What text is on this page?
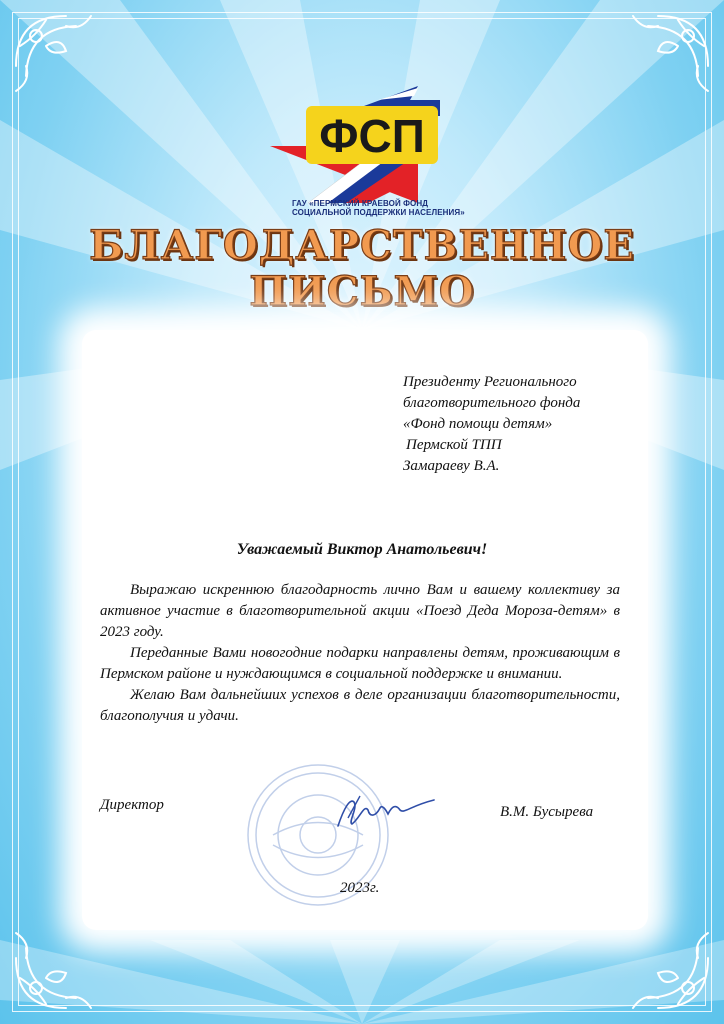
ФСП
ГАУ «ПЕРМСКИЙ КРАЕВОЙ ФОНД
СОЦИАЛЬНОЙ ПОДДЕРЖКИ НАСЕЛЕНИЯ»
БЛАГОДАРСТВЕННОЕ
ПИСЬМО
Президенту Регионального
благотворительного фонда
«Фонд помощи детям»
Пермской ТПП
Замараеву В.А.
Уважаемый Виктор Анатольевич!

Выражаю искреннюю благодарность лично Вам и вашему коллективу за активное участие в благотворительной акции «Поезд Деда Мороза-детям» в 2023 году.

Переданные Вами новогодние подарки направлены детям, проживающим в Пермском районе и нуждающимся в социальной поддержке и внимании.

Желаю Вам дальнейших успехов в деле организации благотворительности, благополучия и удачи.

Директор	В.М. Бусырева
2023г.
